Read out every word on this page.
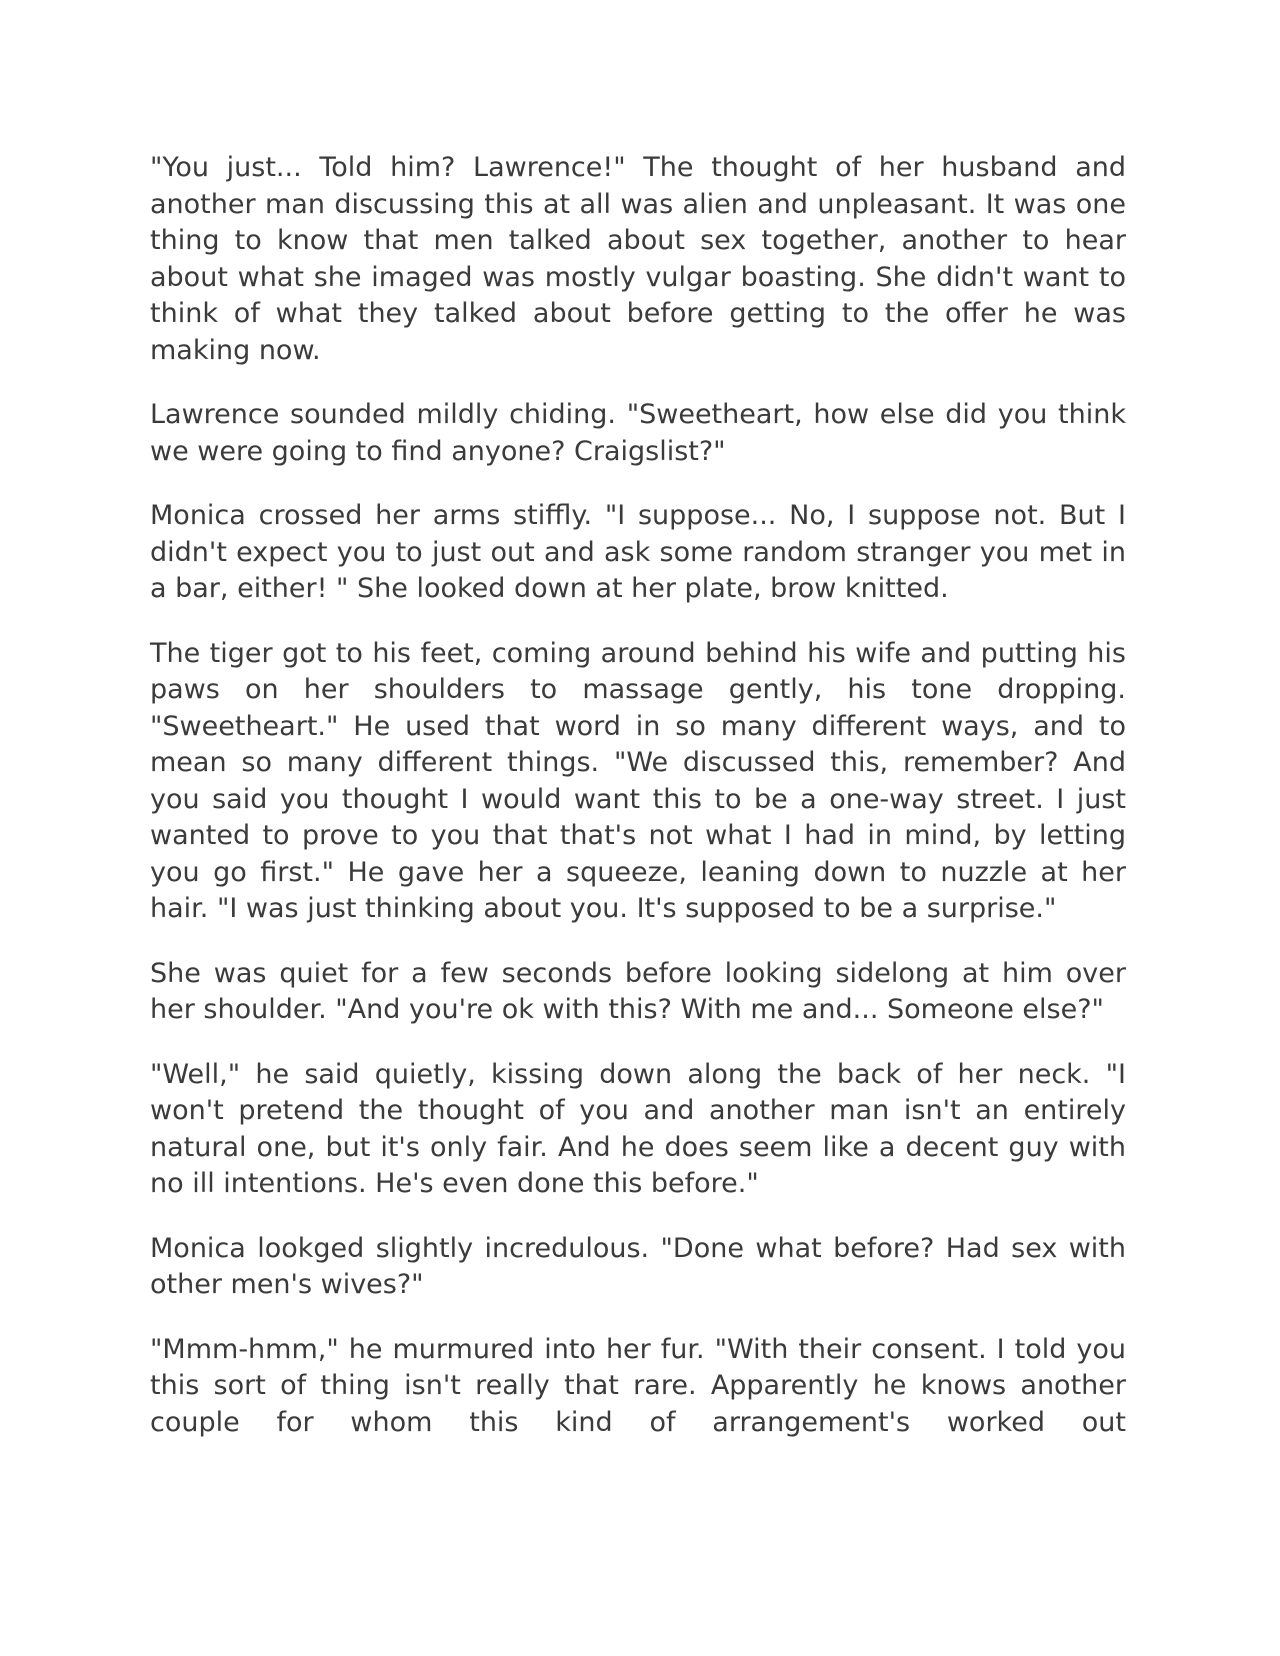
"You just... Told him? Lawrence!" The thought of her husband and another man discussing this at all was alien and unpleasant. It was one thing to know that men talked about sex together, another to hear about what she imaged was mostly vulgar boasting. She didn't want to think of what they talked about before getting to the offer he was making now.

Lawrence sounded mildly chiding. "Sweetheart, how else did you think we were going to find anyone? Craigslist?"

Monica crossed her arms stiffly. "I suppose... No, I suppose not. But I didn't expect you to just out and ask some random stranger you met in a bar, either! " She looked down at her plate, brow knitted.

The tiger got to his feet, coming around behind his wife and putting his paws on her shoulders to massage gently, his tone dropping. "Sweetheart." He used that word in so many different ways, and to mean so many different things. "We discussed this, remember? And you said you thought I would want this to be a one-way street. I just wanted to prove to you that that's not what I had in mind, by letting you go first." He gave her a squeeze, leaning down to nuzzle at her hair. "I was just thinking about you. It's supposed to be a surprise."

She was quiet for a few seconds before looking sidelong at him over her shoulder. "And you're ok with this? With me and... Someone else?"

"Well," he said quietly, kissing down along the back of her neck. "I won't pretend the thought of you and another man isn't an entirely natural one, but it's only fair. And he does seem like a decent guy with no ill intentions. He's even done this before."

Monica lookged slightly incredulous. "Done what before? Had sex with other men's wives?"

"Mmm-hmm," he murmured into her fur. "With their consent. I told you this sort of thing isn't really that rare. Apparently he knows another couple for whom this kind of arrangement's worked out
